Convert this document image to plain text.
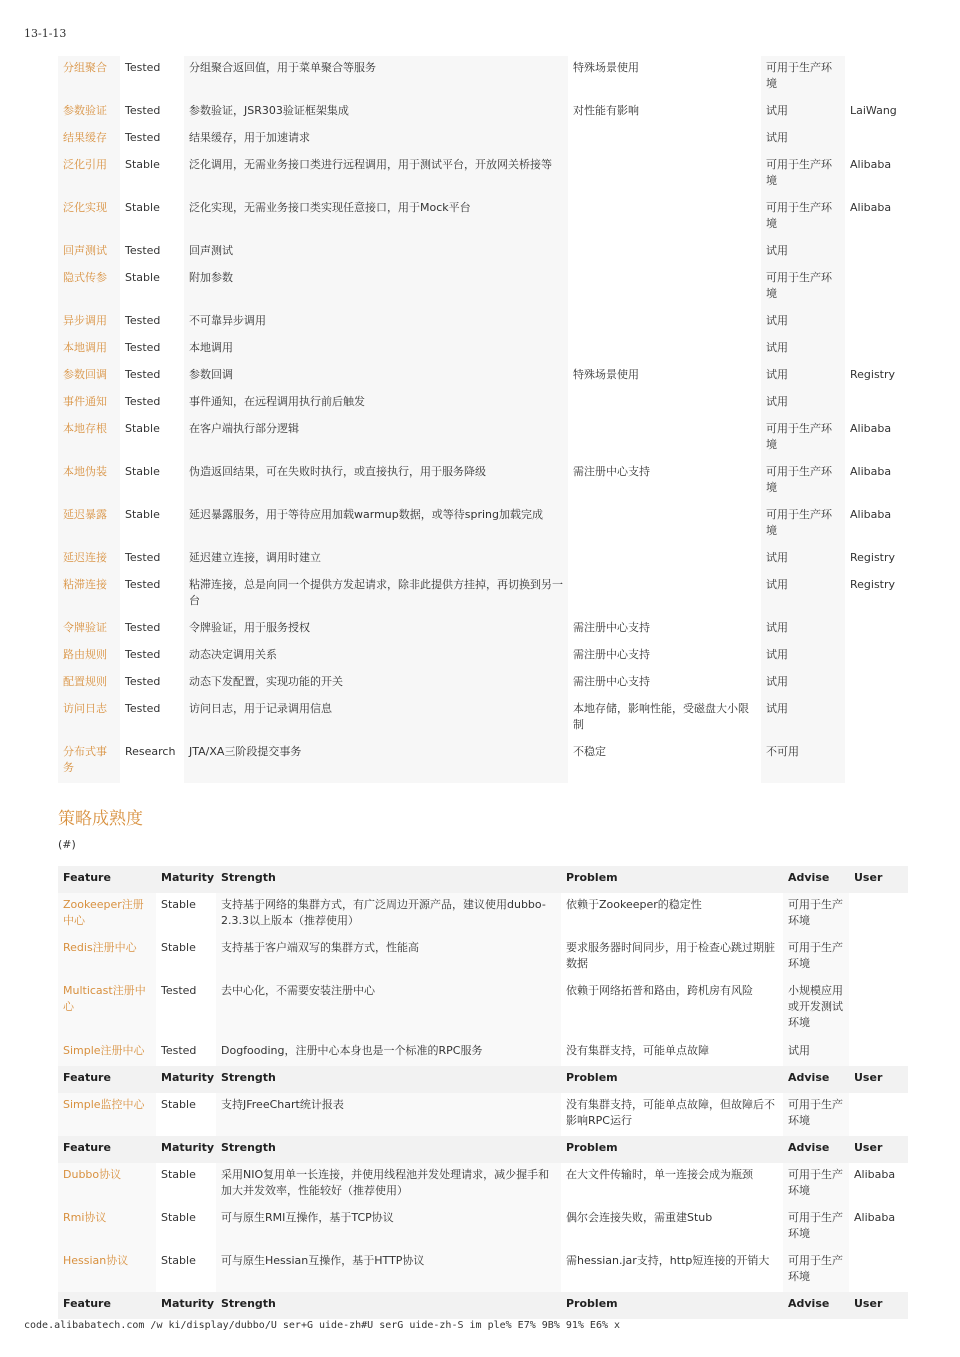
13-1-13
分组聚合	Tested	分组聚合返回值，用于菜单聚合等服务	特殊场景使用	可用于生产环境	
参数验证	Tested	参数验证，JSR303验证框架集成	对性能有影响	试用	LaiWang
结果缓存	Tested	结果缓存，用于加速请求		试用	
泛化引用	Stable	泛化调用，无需业务接口类进行远程调用，用于测试平台，开放网关桥接等		可用于生产环境	Alibaba
泛化实现	Stable	泛化实现，无需业务接口类实现任意接口，用于Mock平台		可用于生产环境	Alibaba
回声测试	Tested	回声测试		试用	
隐式传参	Stable	附加参数		可用于生产环境	
异步调用	Tested	不可靠异步调用		试用	
本地调用	Tested	本地调用		试用	
参数回调	Tested	参数回调	特殊场景使用	试用	Registry
事件通知	Tested	事件通知，在远程调用执行前后触发		试用	
本地存根	Stable	在客户端执行部分逻辑		可用于生产环境	Alibaba
本地伪装	Stable	伪造返回结果，可在失败时执行，或直接执行，用于服务降级	需注册中心支持	可用于生产环境	Alibaba
延迟暴露	Stable	延迟暴露服务，用于等待应用加载warmup数据，或等待spring加载完成		可用于生产环境	Alibaba
延迟连接	Tested	延迟建立连接，调用时建立		试用	Registry
粘滞连接	Tested	粘滞连接，总是向同一个提供方发起请求，除非此提供方挂掉，再切换到另一台		试用	Registry
令牌验证	Tested	令牌验证，用于服务授权	需注册中心支持	试用	
路由规则	Tested	动态决定调用关系	需注册中心支持	试用	
配置规则	Tested	动态下发配置，实现功能的开关	需注册中心支持	试用	
访问日志	Tested	访问日志，用于记录调用信息	本地存储，影响性能，受磁盘大小限制	试用	
分布式事务	Research	JTA/XA三阶段提交事务	不稳定	不可用	
策略成熟度
(#)
Feature	Maturity	Strength	Problem	Advise	User
Zookeeper注册中心	Stable	支持基于网络的集群方式，有广泛周边开源产品，建议使用dubbo-2.3.3以上版本（推荐使用）	依赖于Zookeeper的稳定性	可用于生产环境	
Redis注册中心	Stable	支持基于客户端双写的集群方式，性能高	要求服务器时间同步，用于检查心跳过期脏数据	可用于生产环境	
Multicast注册中心	Tested	去中心化，不需要安装注册中心	依赖于网络拓普和路由，跨机房有风险	小规模应用或开发测试环境	
Simple注册中心	Tested	Dogfooding，注册中心本身也是一个标准的RPC服务	没有集群支持，可能单点故障	试用	
Feature	Maturity	Strength	Problem	Advise	User
Simple监控中心	Stable	支持JFreeChart统计报表	没有集群支持，可能单点故障，但故障后不影响RPC运行	可用于生产环境	
Feature	Maturity	Strength	Problem	Advise	User
Dubbo协议	Stable	采用NIO复用单一长连接，并使用线程池并发处理请求，减少握手和加大并发效率，性能较好（推荐使用）	在大文件传输时，单一连接会成为瓶颈	可用于生产环境	Alibaba
Rmi协议	Stable	可与原生RMI互操作，基于TCP协议	偶尔会连接失败，需重建Stub	可用于生产环境	Alibaba
Hessian协议	Stable	可与原生Hessian互操作，基于HTTP协议	需hessian.jar支持，http短连接的开销大	可用于生产环境	
Feature	Maturity	Strength	Problem	Advise	User
code.alibabatech.com /w ki/display/dubbo/U ser+G uide-zh#U serG uide-zh-S im ple% E7% 9B% 91% E6% x
